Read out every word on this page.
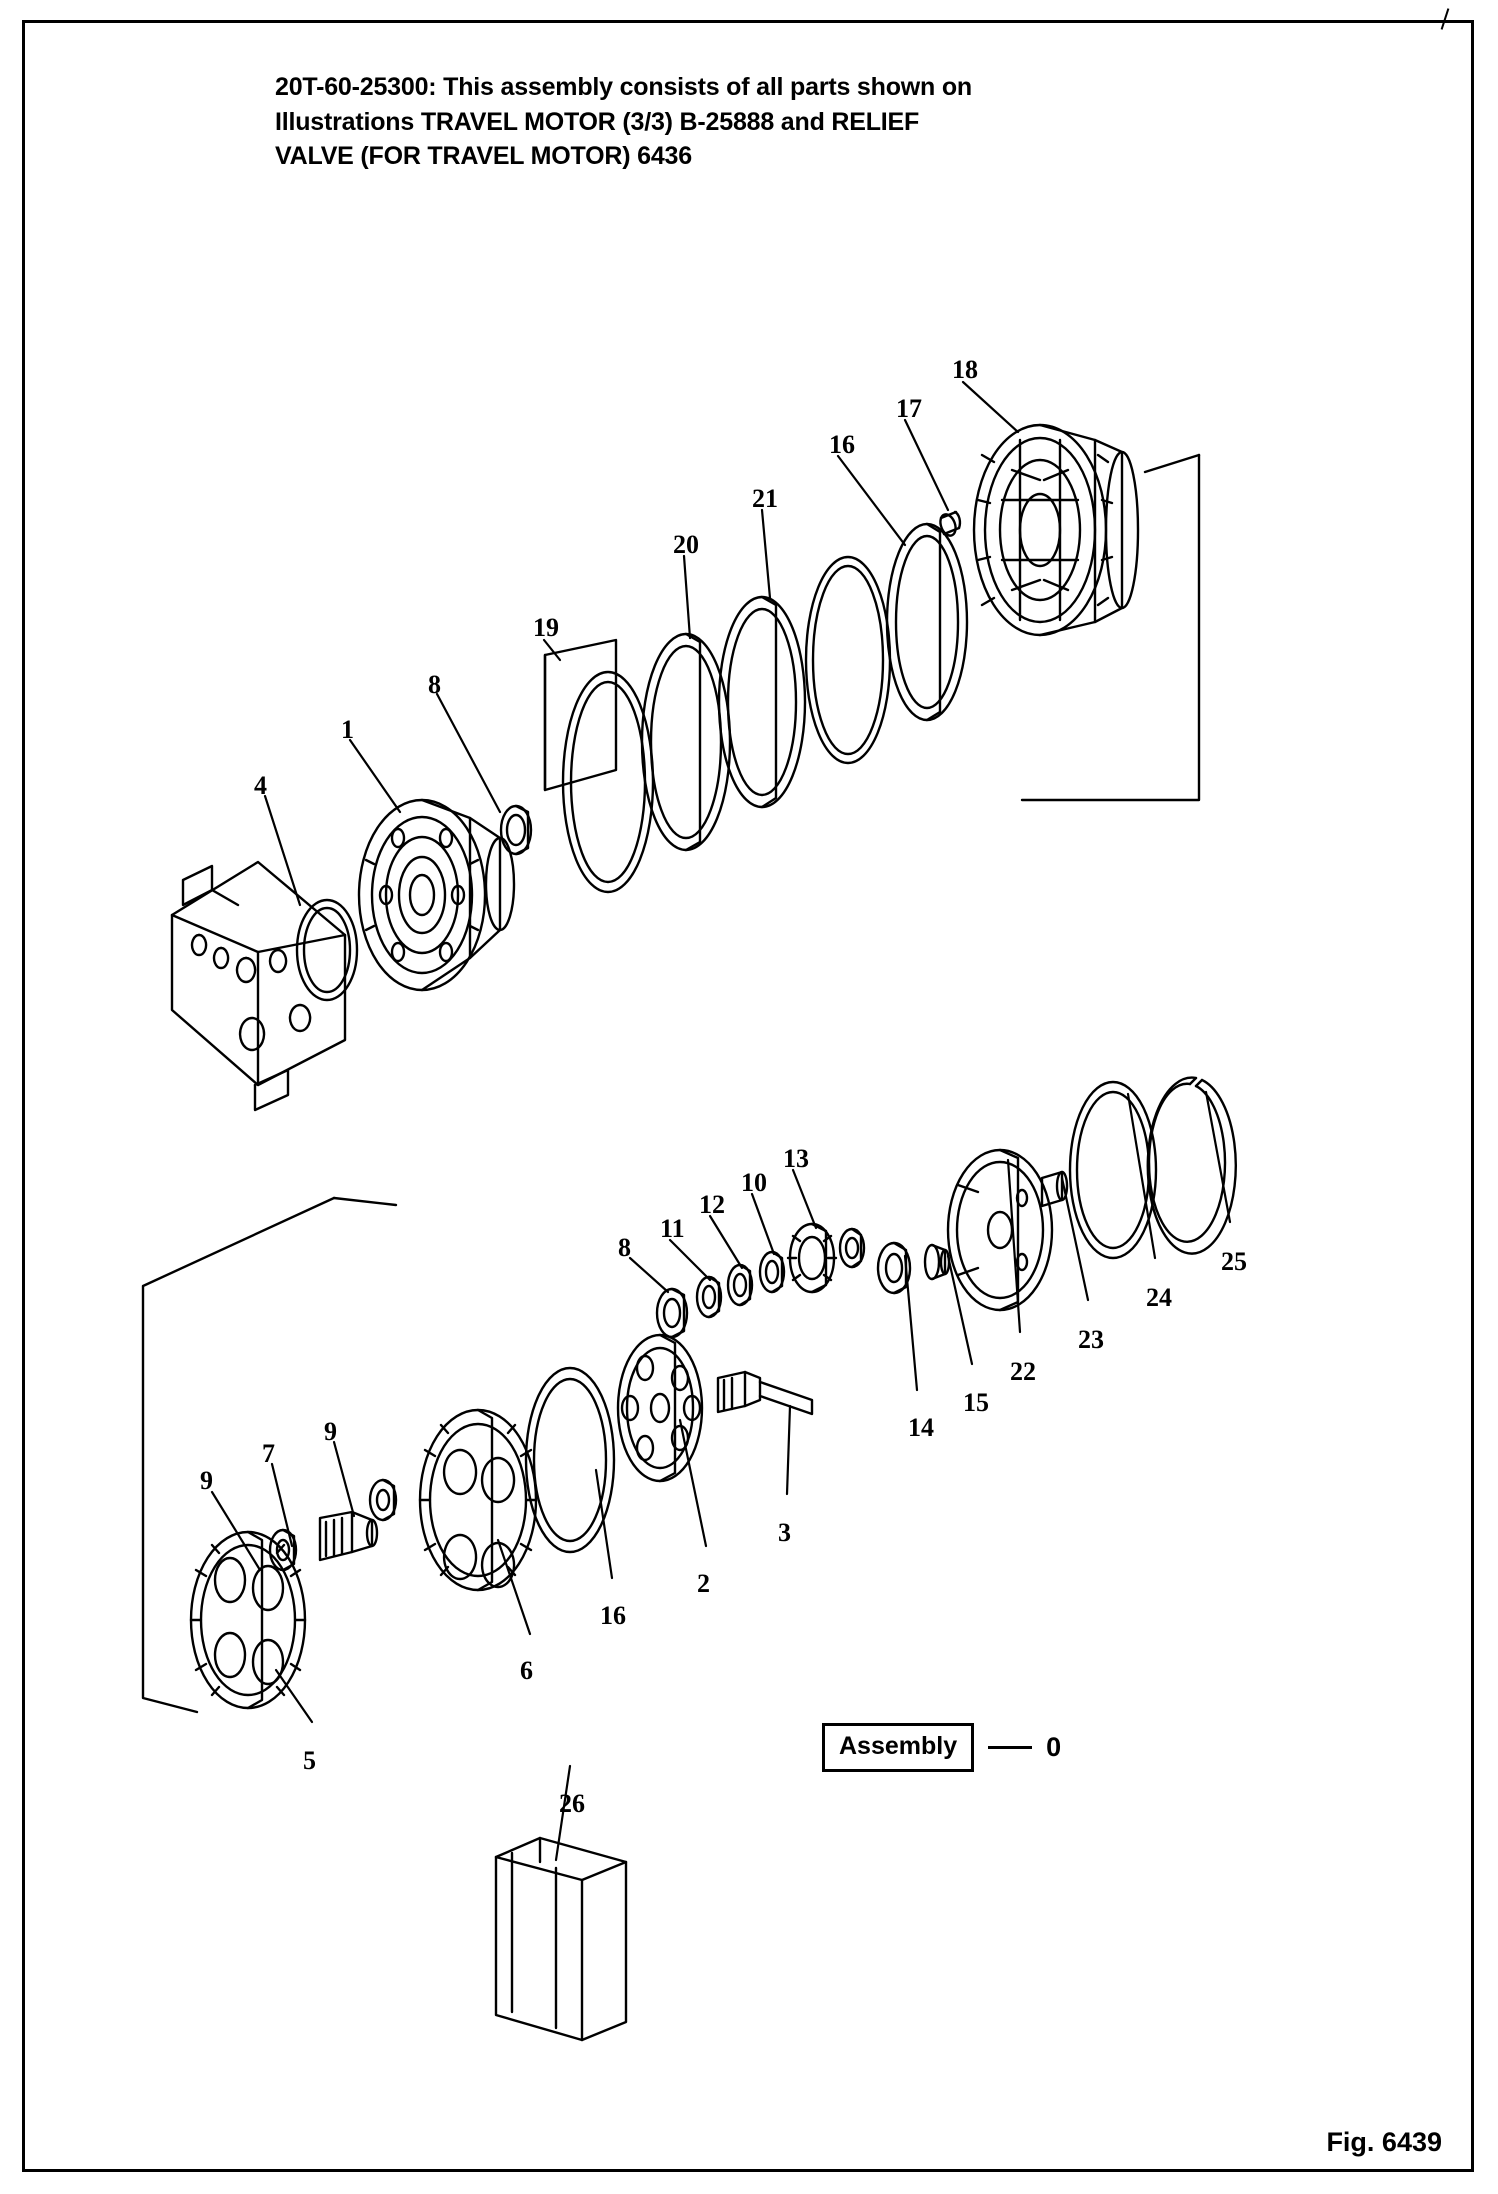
20T-60-25300: This assembly consists of all parts shown on
Illustrations TRAVEL MOTOR (3/3) B-25888 and RELIEF
VALVE (FOR TRAVEL MOTOR) 6436
18
17
16
21
20
19
8
1
4
13
10
12
11
8	25
24
23
22
15
14
9
7
9
3
2
16
6
5
26
Assembly	0
Fig. 6439
